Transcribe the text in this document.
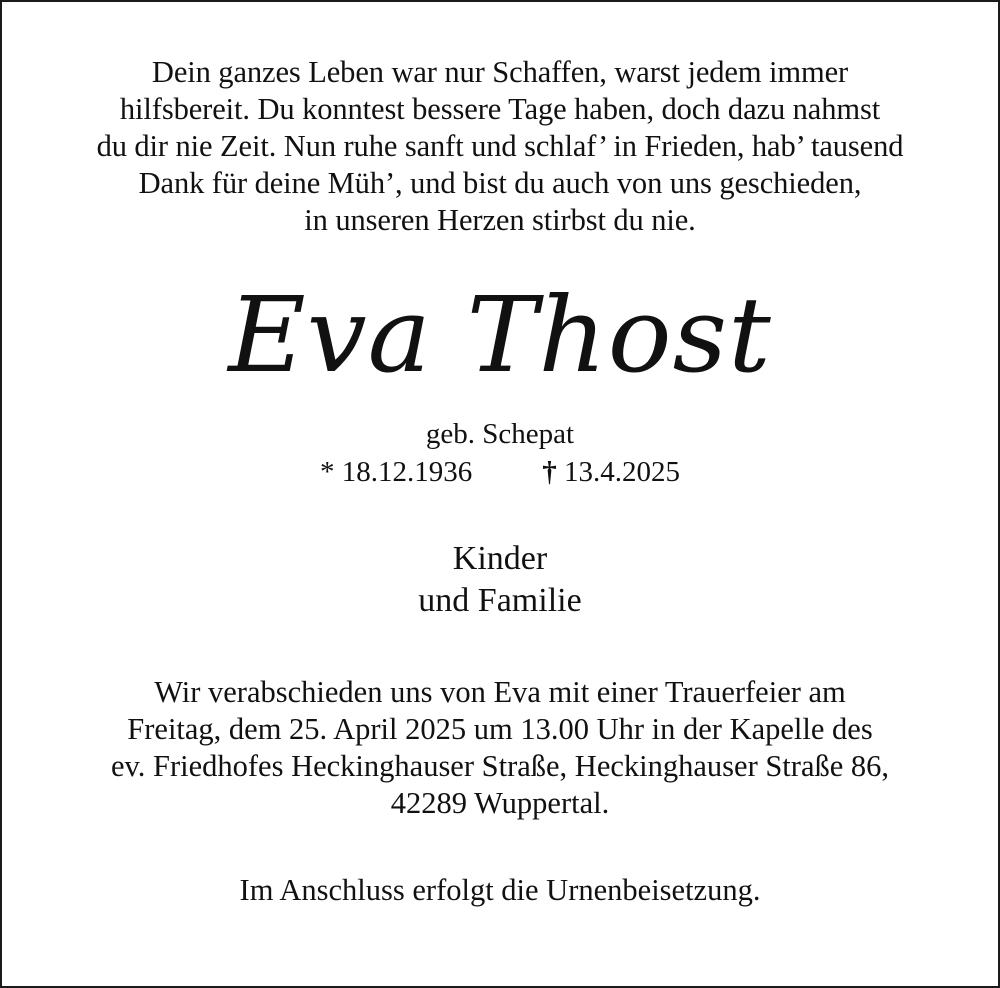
Dein ganzes Leben war nur Schaffen, warst jedem immer
hilfsbereit. Du konntest bessere Tage haben, doch dazu nahmst
du dir nie Zeit. Nun ruhe sanft und schlaf’ in Frieden, hab’ tausend
Dank für deine Müh’, und bist du auch von uns geschieden,
in unseren Herzen stirbst du nie.
Eva Thost
geb. Schepat
* 18.12.1936 † 13.4.2025
Kinder
und Familie
Wir verabschieden uns von Eva mit einer Trauerfeier am
Freitag, dem 25. April 2025 um 13.00 Uhr in der Kapelle des
ev. Friedhofes Heckinghauser Straße, Heckinghauser Straße 86,
42289 Wuppertal.
Im Anschluss erfolgt die Urnenbeisetzung.
